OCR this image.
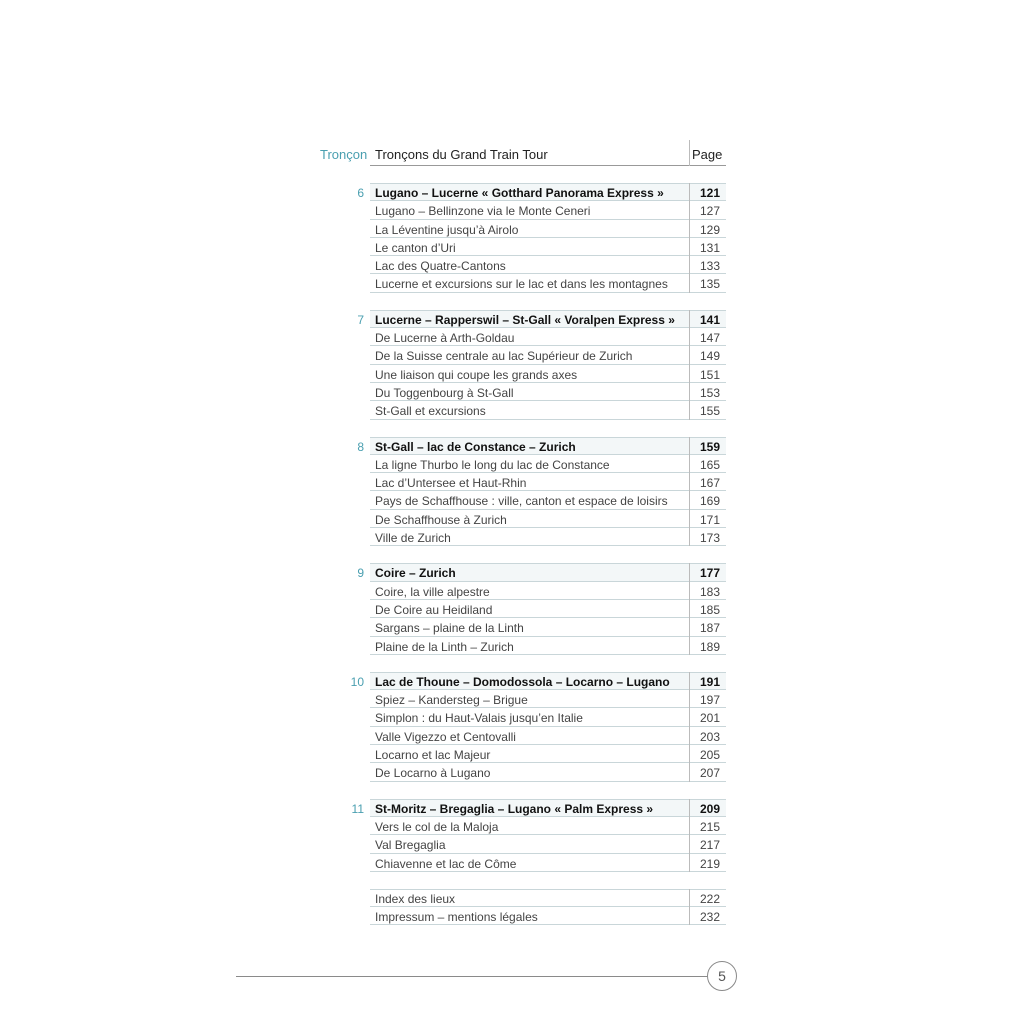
Tronçon Tronçons du Grand Train Tour	Page
6 Lugano – Lucerne « Gotthard Panorama Express »	121
Lugano – Bellinzone via le Monte Ceneri	127
La Léventine jusqu’à Airolo	129
Le canton d’Uri	131
Lac des Quatre-Cantons	133
Lucerne et excursions sur le lac et dans les montagnes	135
7 Lucerne – Rapperswil – St-Gall « Voralpen Express »	141
De Lucerne à Arth-Goldau	147
De la Suisse centrale au lac Supérieur de Zurich	149
Une liaison qui coupe les grands axes	151
Du Toggenbourg à St-Gall	153
St-Gall et excursions	155
8 St-Gall – lac de Constance – Zurich	159
La ligne Thurbo le long du lac de Constance	165
Lac d’Untersee et Haut-Rhin	167
Pays de Schaffhouse : ville, canton et espace de loisirs	169
De Schaffhouse à Zurich	171
Ville de Zurich	173
9 Coire – Zurich	177
Coire, la ville alpestre	183
De Coire au Heidiland	185
Sargans – plaine de la Linth	187
Plaine de la Linth – Zurich	189
10 Lac de Thoune – Domodossola – Locarno – Lugano	191
Spiez – Kandersteg – Brigue	197
Simplon : du Haut-Valais jusqu’en Italie	201
Valle Vigezzo et Centovalli	203
Locarno et lac Majeur	205
De Locarno à Lugano	207
11 St-Moritz – Bregaglia – Lugano « Palm Express »	209
Vers le col de la Maloja	215
Val Bregaglia	217
Chiavenne et lac de Côme	219
Index des lieux	222
Impressum – mentions légales	232
5
